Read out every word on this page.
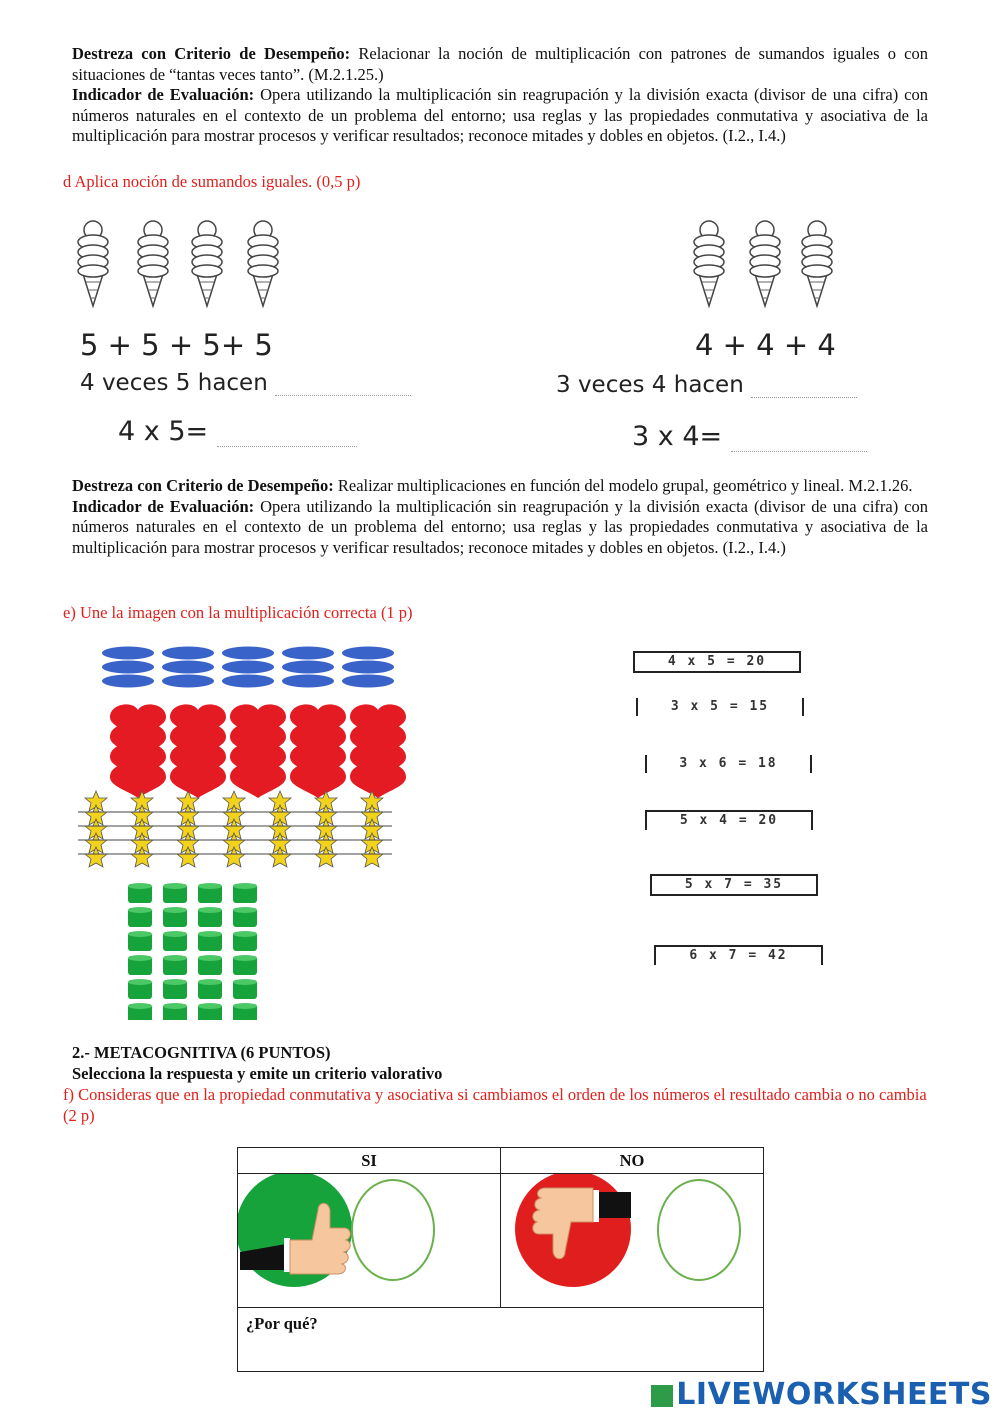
Destreza con Criterio de Desempeño: Relacionar la noción de multiplicación con patrones de sumandos iguales o con situaciones de “tantas veces tanto”. (M.2.1.25.)
Indicador de Evaluación: Opera utilizando la multiplicación sin reagrupación y la división exacta (divisor de una cifra) con números naturales en el contexto de un problema del entorno; usa reglas y las propiedades conmutativa y asociativa de la multiplicación para mostrar procesos y verificar resultados; reconoce mitades y dobles en objetos. (I.2., I.4.)
d Aplica noción de sumandos iguales. (0,5 p)
5 + 5 + 5+ 5
4 veces 5 hacen
4 x 5=
4 + 4 + 4
3 veces 4 hacen
3 x 4=
Destreza con Criterio de Desempeño: Realizar multiplicaciones en función del modelo grupal, geométrico y lineal. M.2.1.26.
Indicador de Evaluación: Opera utilizando la multiplicación sin reagrupación y la división exacta (divisor de una cifra) con números naturales en el contexto de un problema del entorno; usa reglas y las propiedades conmutativa y asociativa de la multiplicación para mostrar procesos y verificar resultados; reconoce mitades y dobles en objetos. (I.2., I.4.)
e) Une la imagen con la multiplicación correcta (1 p)
4 x 5 = 20
3 x 5 = 15
3 x 6 = 18
5 x 4 = 20
5 x 7 = 35
6 x 7 = 42
2.- METACOGNITIVA (6 PUNTOS)
Selecciona la respuesta y emite un criterio valorativo
f) Consideras que en la propiedad conmutativa y asociativa si cambiamos el orden de los números el resultado cambia o no cambia (2 p)
SI	NO

¿Por qué?	
LIVEWORKSHEETS
